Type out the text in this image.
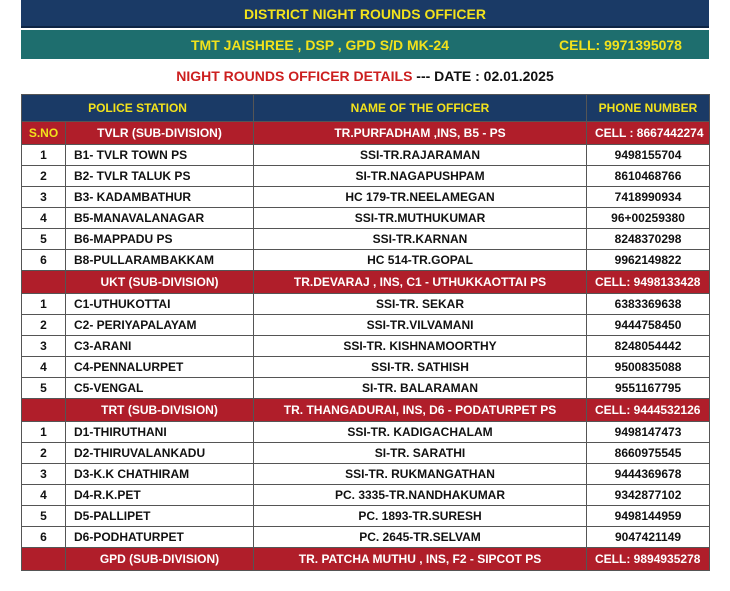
DISTRICT NIGHT ROUNDS OFFICER
TMT JAISHREE , DSP , GPD S/D MK-24	CELL: 9971395078
NIGHT ROUNDS OFFICER DETAILS --- DATE : 02.01.2025
POLICE STATION		NAME OF THE OFFICER	PHONE NUMBER
S.NO	TVLR (SUB-DIVISION)	TR.PURFADHAM ,INS, B5 - PS	CELL : 8667442274
1	B1- TVLR TOWN PS	SSI-TR.RAJARAMAN	9498155704
2	B2- TVLR TALUK PS	SI-TR.NAGAPUSHPAM	8610468766
3	B3- KADAMBATHUR	HC 179-TR.NEELAMEGAN	7418990934
4	B5-MANAVALANAGAR	SSI-TR.MUTHUKUMAR	96+00259380
5	B6-MAPPADU PS	SSI-TR.KARNAN	8248370298
6	B8-PULLARAMBAKKAM	HC 514-TR.GOPAL	9962149822
	UKT (SUB-DIVISION)	TR.DEVARAJ , INS, C1 - UTHUKKAOTTAI PS	CELL: 9498133428
1	C1-UTHUKOTTAI	SSI-TR. SEKAR	6383369638
2	C2- PERIYAPALAYAM	SSI-TR.VILVAMANI	9444758450
3	C3-ARANI	SSI-TR. KISHNAMOORTHY	8248054442
4	C4-PENNALURPET	SSI-TR. SATHISH	9500835088
5	C5-VENGAL	SI-TR. BALARAMAN	9551167795
	TRT (SUB-DIVISION)	TR. THANGADURAI, INS, D6 - PODATURPET PS	CELL: 9444532126
1	D1-THIRUTHANI	SSI-TR. KADIGACHALAM	9498147473
2	D2-THIRUVALANKADU	SI-TR. SARATHI	8660975545
3	D3-K.K CHATHIRAM	SSI-TR. RUKMANGATHAN	9444369678
4	D4-R.K.PET	PC. 3335-TR.NANDHAKUMAR	9342877102
5	D5-PALLIPET	PC. 1893-TR.SURESH	9498144959
6	D6-PODHATURPET	PC. 2645-TR.SELVAM	9047421149
	GPD (SUB-DIVISION)	TR. PATCHA MUTHU , INS, F2 - SIPCOT PS	CELL: 9894935278
